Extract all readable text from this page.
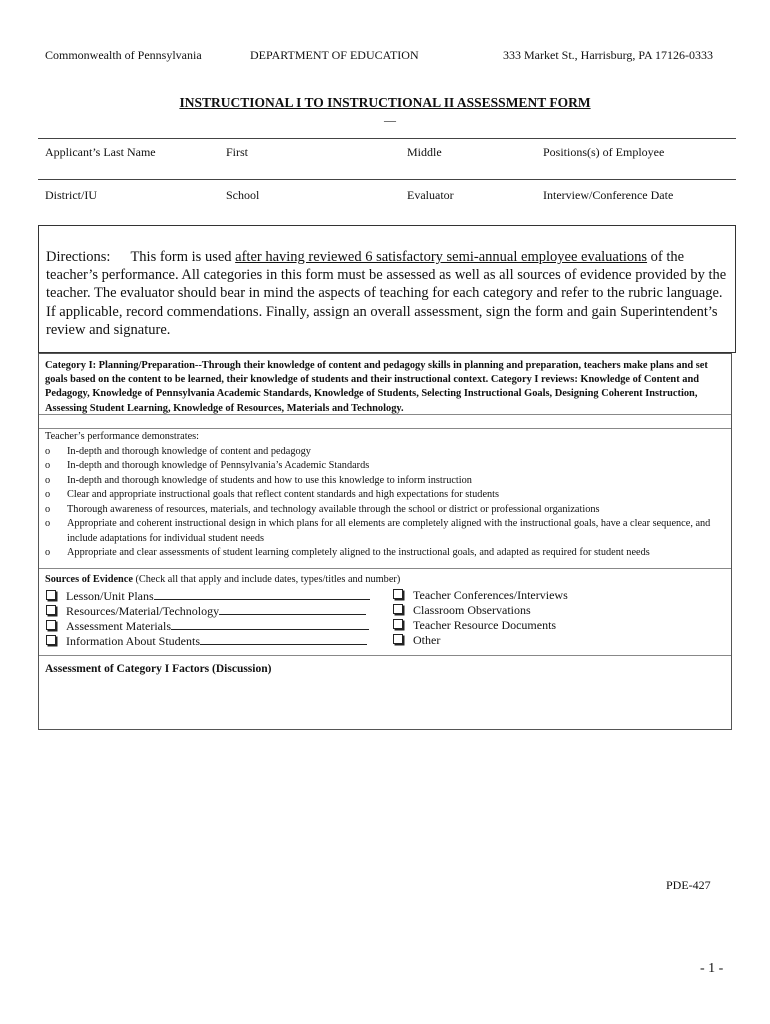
Commonwealth of Pennsylvania	DEPARTMENT OF EDUCATION	333 Market St., Harrisburg, PA 17126-0333
INSTRUCTIONAL I TO INSTRUCTIONAL II ASSESSMENT FORM
—
Applicant’s Last Name	First	Middle	Positions(s) of Employee
District/IU	School	Evaluator	Interview/Conference Date
Directions: This form is used after having reviewed 6 satisfactory semi-annual employee evaluations of the teacher’s performance. All categories in this form must be assessed as well as all sources of evidence provided by the teacher. The evaluator should bear in mind the aspects of teaching for each category and refer to the rubric language. If applicable, record commendations. Finally, assign an overall assessment, sign the form and gain Superintendent’s review and signature.
Category I: Planning/Preparation--Through their knowledge of content and pedagogy skills in planning and preparation, teachers make plans and set goals based on the content to be learned, their knowledge of students and their instructional context. Category I reviews: Knowledge of Content and Pedagogy, Knowledge of Pennsylvania Academic Standards, Knowledge of Students, Selecting Instructional Goals, Designing Coherent Instruction, Assessing Student Learning, Knowledge of Resources, Materials and Technology.
Teacher’s performance demonstrates:
o	In-depth and thorough knowledge of content and pedagogy
o	In-depth and thorough knowledge of Pennsylvania’s Academic Standards
o	In-depth and thorough knowledge of students and how to use this knowledge to inform instruction
o	Clear and appropriate instructional goals that reflect content standards and high expectations for students
o	Thorough awareness of resources, materials, and technology available through the school or district or professional organizations
o	Appropriate and coherent instructional design in which plans for all elements are completely aligned with the instructional goals, have a clear sequence, and include adaptations for individual student needs
o	Appropriate and clear assessments of student learning completely aligned to the instructional goals, and adapted as required for student needs
Sources of Evidence (Check all that apply and include dates, types/titles and number)
Lesson/Unit Plans
Resources/Material/Technology
Assessment Materials
Information About Students
Teacher Conferences/Interviews
Classroom Observations
Teacher Resource Documents
Other
Assessment of Category I Factors (Discussion)
PDE-427
- 1 -
